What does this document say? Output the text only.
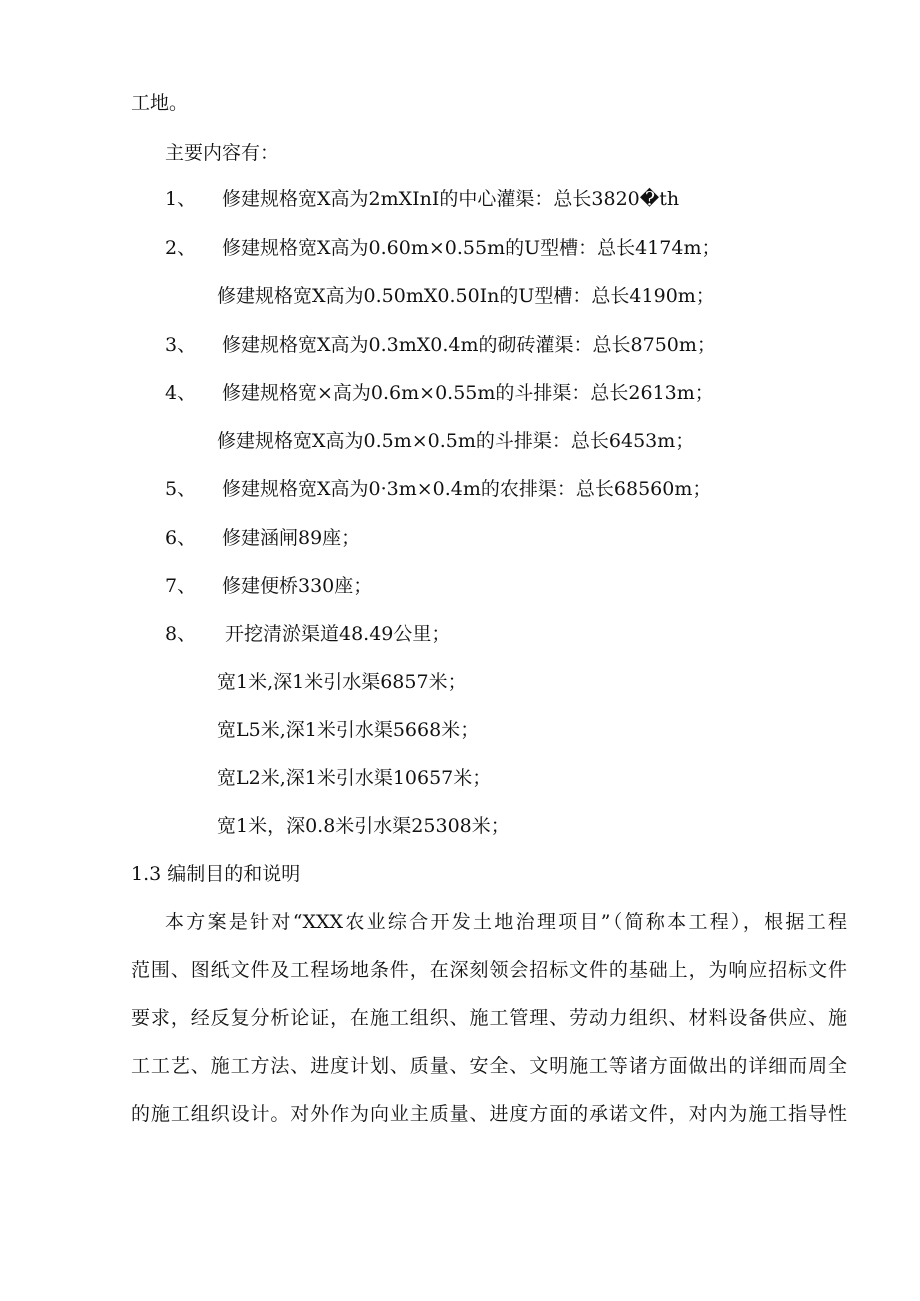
工地。
主要内容有：
1、 修建规格宽X高为2mXInI的中心灌渠：总长3820�th
2、 修建规格宽X高为0.60m×0.55m的U型槽：总长4174m；
修建规格宽X高为0.50mX0.50In的U型槽：总长4190m；
3、 修建规格宽X高为0.3mX0.4m的砌砖灌渠：总长8750m；
4、 修建规格宽×高为0.6m×0.55m的斗排渠：总长2613m；
修建规格宽X高为0.5m×0.5m的斗排渠：总长6453m；
5、 修建规格宽X高为0·3m×0.4m的农排渠：总长68560m；
6、 修建涵闸89座；
7、 修建便桥330座；
8、 开挖清淤渠道48.49公里；
宽1米,深1米引水渠6857米；
宽L5米,深1米引水渠5668米；
宽L2米,深1米引水渠10657米；
宽1米，深0.8米引水渠25308米；
1.3 编制目的和说明
本方案是针对“XXX农业综合开发土地治理项目”（简称本工程），根据工程
范围、图纸文件及工程场地条件，在深刻领会招标文件的基础上，为响应招标文件
要求，经反复分析论证，在施工组织、施工管理、劳动力组织、材料设备供应、施
工工艺、施工方法、进度计划、质量、安全、文明施工等诸方面做出的详细而周全
的施工组织设计。对外作为向业主质量、进度方面的承诺文件，对内为施工指导性
